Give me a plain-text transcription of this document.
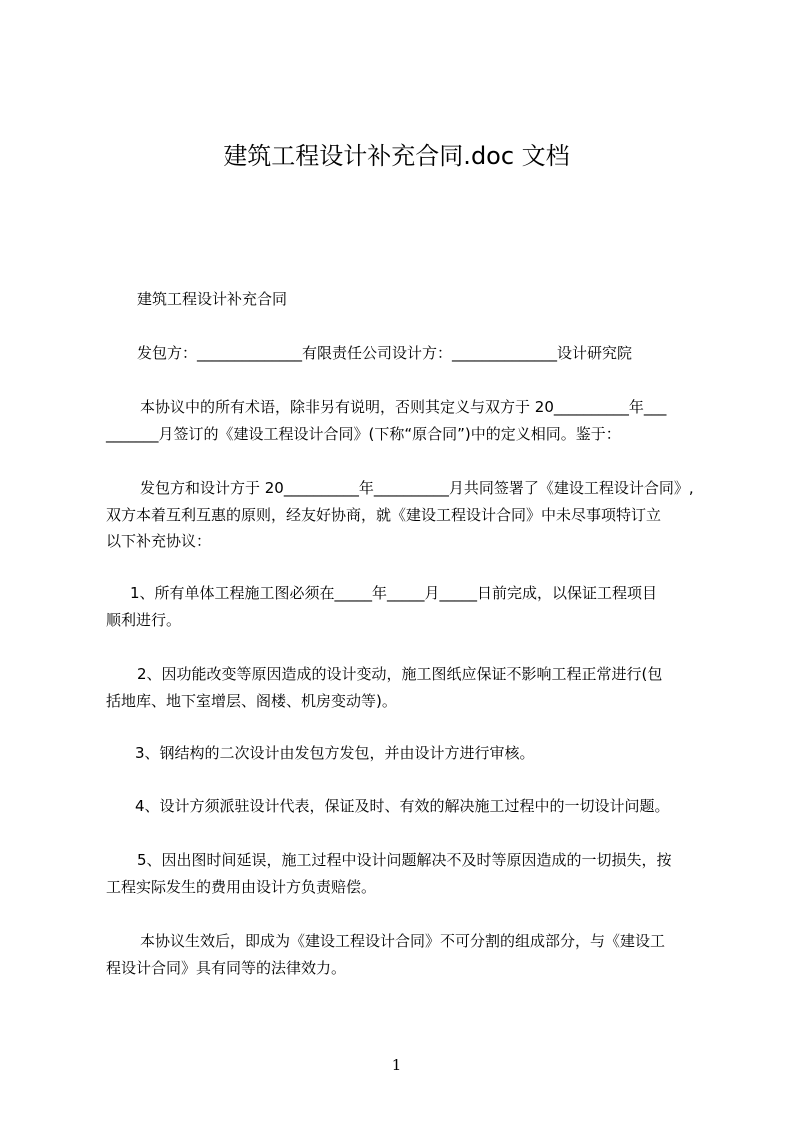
建筑工程设计补充合同.doc 文档
建筑工程设计补充合同
发包方：______________有限责任公司设计方：______________设计研究院
本协议中的所有术语，除非另有说明，否则其定义与双方于 20__________年___
_______月签订的《建设工程设计合同》(下称“原合同”)中的定义相同。鉴于：
发包方和设计方于 20__________年__________月共同签署了《建设工程设计合同》,
双方本着互利互惠的原则，经友好协商，就《建设工程设计合同》中未尽事项特订立
以下补充协议：
1、所有单体工程施工图必须在_____年_____月_____日前完成，以保证工程项目
顺利进行。
2、因功能改变等原因造成的设计变动，施工图纸应保证不影响工程正常进行(包
括地库、地下室增层、阁楼、机房变动等)。
3、钢结构的二次设计由发包方发包，并由设计方进行审核。
4、设计方须派驻设计代表，保证及时、有效的解决施工过程中的一切设计问题。
5、因出图时间延误，施工过程中设计问题解决不及时等原因造成的一切损失，按
工程实际发生的费用由设计方负责赔偿。
本协议生效后，即成为《建设工程设计合同》不可分割的组成部分，与《建设工
程设计合同》具有同等的法律效力。
1
